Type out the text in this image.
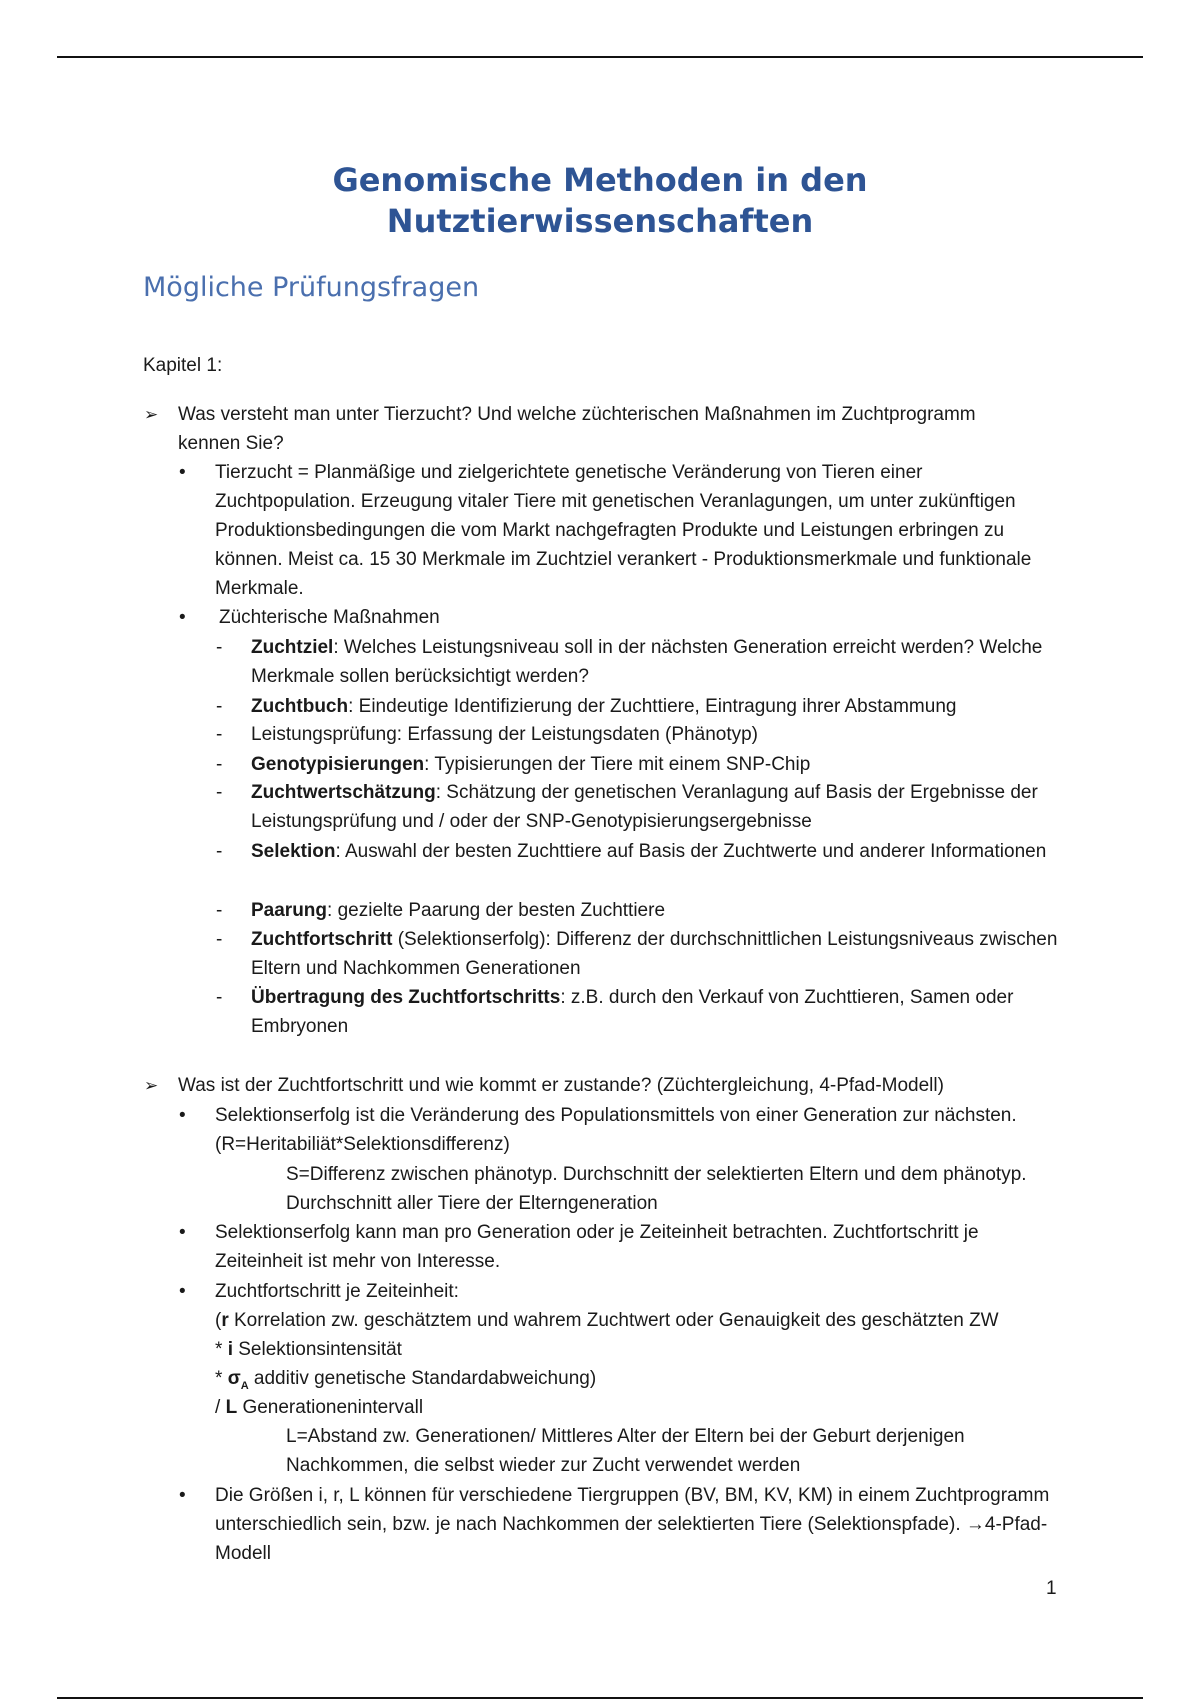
Genomische Methoden in den
Nutztierwissenschaften
Mögliche Prüfungsfragen
Kapitel 1:
➢ Was versteht man unter Tierzucht? Und welche züchterischen Maßnahmen im Zuchtprogramm
kennen Sie?
• Tierzucht = Planmäßige und zielgerichtete genetische Veränderung von Tieren einer Zuchtpopulation. Erzeugung vitaler Tiere mit genetischen Veranlagungen, um unter zukünftigen Produktionsbedingungen die vom Markt nachgefragten Produkte und Leistungen erbringen zu können. Meist ca. 15 30 Merkmale im Zuchtziel verankert - Produktionsmerkmale und funktionale Merkmale.
• Züchterische Maßnahmen
- Zuchtziel: Welches Leistungsniveau soll in der nächsten Generation erreicht werden? Welche Merkmale sollen berücksichtigt werden?
- Zuchtbuch: Eindeutige Identifizierung der Zuchttiere, Eintragung ihrer Abstammung
- Leistungsprüfung: Erfassung der Leistungsdaten (Phänotyp)
- Genotypisierungen: Typisierungen der Tiere mit einem SNP-Chip
- Zuchtwertschätzung: Schätzung der genetischen Veranlagung auf Basis der Ergebnisse der Leistungsprüfung und / oder der SNP-Genotypisierungsergebnisse
- Selektion: Auswahl der besten Zuchttiere auf Basis der Zuchtwerte und anderer Informationen
- Paarung: gezielte Paarung der besten Zuchttiere
- Zuchtfortschritt (Selektionserfolg): Differenz der durchschnittlichen Leistungsniveaus zwischen Eltern und Nachkommen Generationen
- Übertragung des Zuchtfortschritts: z.B. durch den Verkauf von Zuchttieren, Samen oder Embryonen
➢ Was ist der Zuchtfortschritt und wie kommt er zustande? (Züchtergleichung, 4-Pfad-Modell)
• Selektionserfolg ist die Veränderung des Populationsmittels von einer Generation zur nächsten. (R=Heritabiliät*Selektionsdifferenz)
S=Differenz zwischen phänotyp. Durchschnitt der selektierten Eltern und dem phänotyp. Durchschnitt aller Tiere der Elterngeneration
• Selektionserfolg kann man pro Generation oder je Zeiteinheit betrachten. Zuchtfortschritt je Zeiteinheit ist mehr von Interesse.
• Zuchtfortschritt je Zeiteinheit:
(r Korrelation zw. geschätztem und wahrem Zuchtwert oder Genauigkeit des geschätzten ZW
* i Selektionsintensität
* $\sigma_A$ additiv genetische Standardabweichung)
/ L Generationenintervall
L=Abstand zw. Generationen/ Mittleres Alter der Eltern bei der Geburt derjenigen Nachkommen, die selbst wieder zur Zucht verwendet werden
• Die Größen i, r, L können für verschiedene Tiergruppen (BV, BM, KV, KM) in einem Zuchtprogramm unterschiedlich sein, bzw. je nach Nachkommen der selektierten Tiere (Selektionspfade). →4-Pfad-Modell
1
